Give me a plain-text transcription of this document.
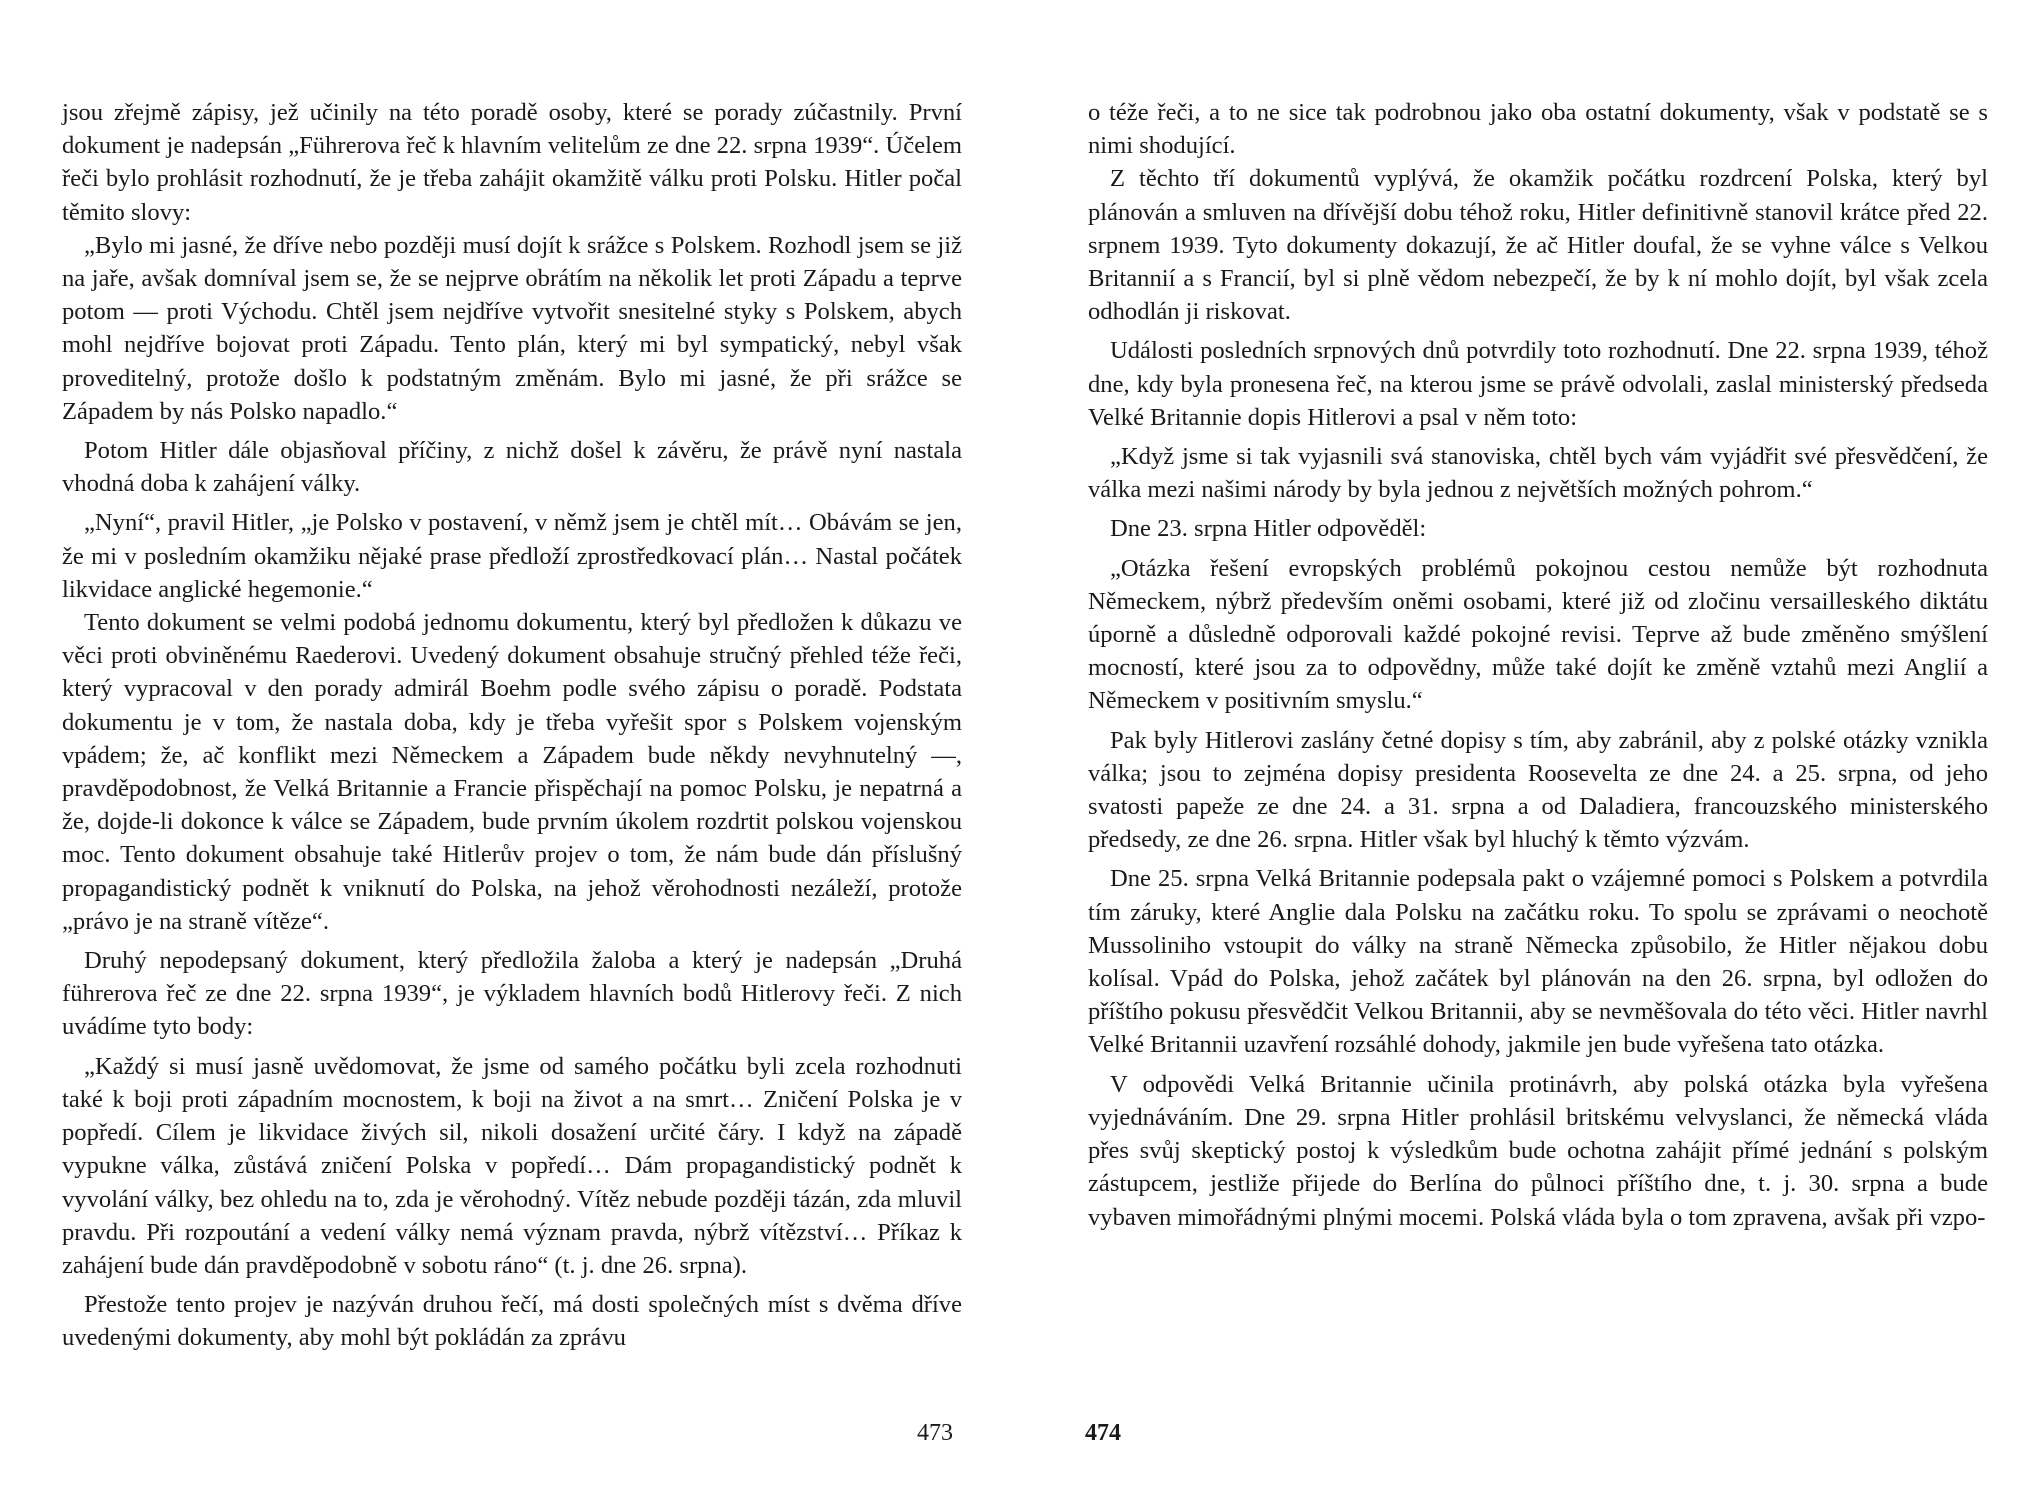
jsou zřejmě zápisy, jež učinily na této poradě osoby, které se porady zúčastnily. První dokument je nadepsán „Führerova řeč k hlavním velitelům ze dne 22. srpna 1939“. Účelem řeči bylo prohlásit rozhodnutí, že je třeba zahájit okamžitě válku proti Polsku. Hitler počal těmito slovy:

„Bylo mi jasné, že dříve nebo později musí dojít k srážce s Polskem. Rozhodl jsem se již na jaře, avšak domníval jsem se, že se nejprve obrátím na několik let proti Západu a teprve potom — proti Východu. Chtěl jsem nejdříve vytvořit snesitelné styky s Polskem, abych mohl nejdříve bojovat proti Západu. Tento plán, který mi byl sympatický, nebyl však proveditelný, protože došlo k podstatným změnám. Bylo mi jasné, že při srážce se Západem by nás Polsko napadlo.“

Potom Hitler dále objasňoval příčiny, z nichž došel k závěru, že právě nyní nastala vhodná doba k zahájení války.

„Nyní“, pravil Hitler, „je Polsko v postavení, v němž jsem je chtěl mít… Obávám se jen, že mi v posledním okamžiku nějaké prase předloží zprostředkovací plán… Nastal počátek likvidace anglické hegemonie.“

Tento dokument se velmi podobá jednomu dokumentu, který byl předložen k důkazu ve věci proti obviněnému Raederovi. Uvedený dokument obsahuje stručný přehled téže řeči, který vypracoval v den porady admirál Boehm podle svého zápisu o poradě. Podstata dokumentu je v tom, že nastala doba, kdy je třeba vyřešit spor s Polskem vojenským vpádem; že, ač konflikt mezi Německem a Západem bude někdy nevyhnutelný —, pravděpodobnost, že Velká Britannie a Francie přispěchají na pomoc Polsku, je nepatrná a že, dojde-li dokonce k válce se Západem, bude prvním úkolem rozdrtit polskou vojenskou moc. Tento dokument obsahuje také Hitlerův projev o tom, že nám bude dán příslušný propagandistický podnět k vniknutí do Polska, na jehož věrohodnosti nezáleží, protože „právo je na straně vítěze“.

Druhý nepodepsaný dokument, který předložila žaloba a který je nadepsán „Druhá führerova řeč ze dne 22. srpna 1939“, je výkladem hlavních bodů Hitlerovy řeči. Z nich uvádíme tyto body:

„Každý si musí jasně uvědomovat, že jsme od samého počátku byli zcela rozhodnuti také k boji proti západním mocnostem, k boji na život a na smrt… Zničení Polska je v popředí. Cílem je likvidace živých sil, nikoli dosažení určité čáry. I když na západě vypukne válka, zůstává zničení Polska v popředí… Dám propagandistický podnět k vyvolání války, bez ohledu na to, zda je věrohodný. Vítěz nebude později tázán, zda mluvil pravdu. Při rozpoutání a vedení války nemá význam pravda, nýbrž vítězství… Příkaz k zahájení bude dán pravděpodobně v sobotu ráno“ (t. j. dne 26. srpna).

Přestože tento projev je nazýván druhou řečí, má dosti společných míst s dvěma dříve uvedenými dokumenty, aby mohl být pokládán za zprávu

o téže řeči, a to ne sice tak podrobnou jako oba ostatní dokumenty, však v podstatě se s nimi shodující.

Z těchto tří dokumentů vyplývá, že okamžik počátku rozdrcení Polska, který byl plánován a smluven na dřívější dobu téhož roku, Hitler definitivně stanovil krátce před 22. srpnem 1939. Tyto dokumenty dokazují, že ač Hitler doufal, že se vyhne válce s Velkou Britannií a s Francií, byl si plně vědom nebezpečí, že by k ní mohlo dojít, byl však zcela odhodlán ji riskovat.

Události posledních srpnových dnů potvrdily toto rozhodnutí. Dne 22. srpna 1939, téhož dne, kdy byla pronesena řeč, na kterou jsme se právě odvolali, zaslal ministerský předseda Velké Britannie dopis Hitlerovi a psal v něm toto:

„Když jsme si tak vyjasnili svá stanoviska, chtěl bych vám vyjádřit své přesvědčení, že válka mezi našimi národy by byla jednou z největších možných pohrom.“

Dne 23. srpna Hitler odpověděl:

„Otázka řešení evropských problémů pokojnou cestou nemůže být rozhodnuta Německem, nýbrž především oněmi osobami, které již od zločinu versailleského diktátu úporně a důsledně odporovali každé pokojné revisi. Teprve až bude změněno smýšlení mocností, které jsou za to odpovědny, může také dojít ke změně vztahů mezi Anglií a Německem v positivním smyslu.“

Pak byly Hitlerovi zaslány četné dopisy s tím, aby zabránil, aby z polské otázky vznikla válka; jsou to zejména dopisy presidenta Roosevelta ze dne 24. a 25. srpna, od jeho svatosti papeže ze dne 24. a 31. srpna a od Daladiera, francouzského ministerského předsedy, ze dne 26. srpna. Hitler však byl hluchý k těmto výzvám.

Dne 25. srpna Velká Britannie podepsala pakt o vzájemné pomoci s Polskem a potvrdila tím záruky, které Anglie dala Polsku na začátku roku. To spolu se zprávami o neochotě Mussoliniho vstoupit do války na straně Německa způsobilo, že Hitler nějakou dobu kolísal. Vpád do Polska, jehož začátek byl plánován na den 26. srpna, byl odložen do příštího pokusu přesvědčit Velkou Britannii, aby se nevměšovala do této věci. Hitler navrhl Velké Britannii uzavření rozsáhlé dohody, jakmile jen bude vyřešena tato otázka.

V odpovědi Velká Britannie učinila protinávrh, aby polská otázka byla vyřešena vyjednáváním. Dne 29. srpna Hitler prohlásil britskému velvyslanci, že německá vláda přes svůj skeptický postoj k výsledkům bude ochotna zahájit přímé jednání s polským zástupcem, jestliže přijede do Berlína do půlnoci příštího dne, t. j. 30. srpna a bude vybaven mimořádnými plnými mocemi. Polská vláda byla o tom zpravena, avšak při vzpo-

473	474
